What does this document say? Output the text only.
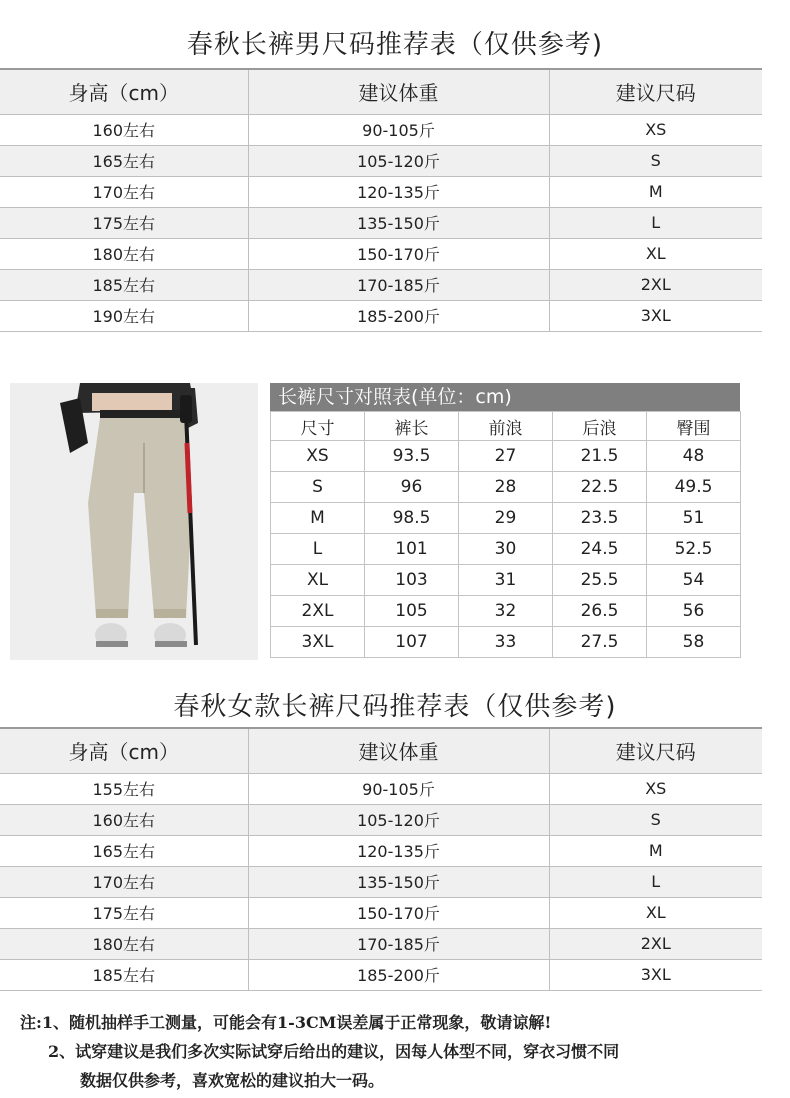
春秋长裤男尺码推荐表（仅供参考)
身高（cm）	建议体重	建议尺码
160左右	90-105斤	XS
165左右	105-120斤	S
170左右	120-135斤	M
175左右	135-150斤	L
180左右	150-170斤	XL
185左右	170-185斤	2XL
190左右	185-200斤	3XL
长裤尺寸对照表(单位：cm)
尺寸	裤长	前浪	后浪	臀围
XS	93.5	27	21.5	48
S	96	28	22.5	49.5
M	98.5	29	23.5	51
L	101	30	24.5	52.5
XL	103	31	25.5	54
2XL	105	32	26.5	56
3XL	107	33	27.5	58
春秋女款长裤尺码推荐表（仅供参考)
身高（cm）	建议体重	建议尺码
155左右	90-105斤	XS
160左右	105-120斤	S
165左右	120-135斤	M
170左右	135-150斤	L
175左右	150-170斤	XL
180左右	170-185斤	2XL
185左右	185-200斤	3XL

注:1、随机抽样手工测量，可能会有1-3CM误差属于正常现象，敬请谅解!

2、试穿建议是我们多次实际试穿后给出的建议，因每人体型不同，穿衣习惯不同

数据仅供参考，喜欢宽松的建议拍大一码。
